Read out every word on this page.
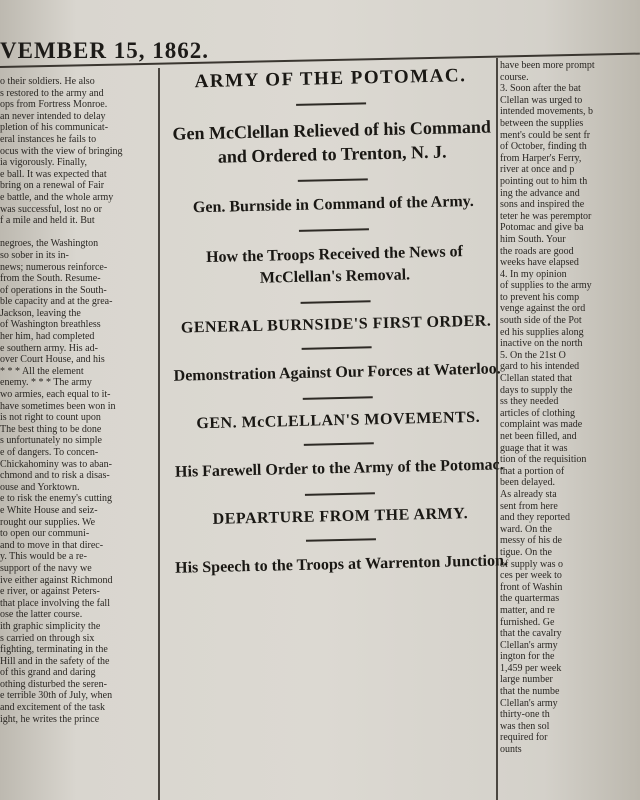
VEMBER 15, 1862.

o their soldiers. He also

s restored to the army and

ops from Fortress Monroe.

an never intended to delay

pletion of his communicat-

eral instances he fails to

ocus with the view of bringing

ia vigorously. Finally,

e ball. It was expected that

bring on a renewal of Fair

e battle, and the whole army

was successful, lost no or

f a mile and held it. But

negroes, the Washington

so sober in its in-

news; numerous reinforce-

from the South. Resume-

of operations in the South-

ble capacity and at the grea-

Jackson, leaving the

of Washington breathless

her him, had completed

e southern army. His ad-

over Court House, and his

* * * All the element

enemy. * * * The army

wo armies, each equal to it-

have sometimes been won in

is not right to count upon

The best thing to be done

s unfortunately no simple

e of dangers. To concen-

Chickahominy was to aban-

chmond and to risk a disas-

ouse and Yorktown.

e to risk the enemy's cutting

e White House and seiz-

rought our supplies. We

to open our communi-

and to move in that direc-

y. This would be a re-

support of the navy we

ive either against Richmond

e river, or against Peters-

that place involving the fall

ose the latter course.

ith graphic simplicity the

s carried on through six

fighting, terminating in the

Hill and in the safety of the

of this grand and daring

othing disturbed the seren-

e terrible 30th of July, when

and excitement of the task

ight, he writes the prince

ARMY OF THE POTOMAC.

Gen McClellan Relieved of his Command and Ordered to Trenton, N. J.

Gen. Burnside in Command of the Army.

How the Troops Received the News of McClellan's Removal.

GENERAL BURNSIDE'S FIRST ORDER.

Demonstration Against Our Forces at Waterloo.

GEN. McCLELLAN'S MOVEMENTS.

His Farewell Order to the Army of the Potomac.

DEPARTURE FROM THE ARMY.

His Speech to the Troops at Warrenton Junction.

have been more prompt

course.

3. Soon after the bat

Clellan was urged to

intended movements, b

between the supplies

ment's could be sent fr

of October, finding th

from Harper's Ferry,

river at once and p

pointing out to him th

ing the advance and

sons and inspired the

teter he was peremptor

Potomac and give ba

him South. Your

the roads are good

weeks have elapsed

4. In my opinion

of supplies to the army

to prevent his comp

venge against the ord

south side of the Pot

ed his supplies along

inactive on the north

5. On the 21st O

gard to his intended

Clellan stated that

days to supply the

ss they needed

articles of clothing

complaint was made

net been filled, and

guage that it was

tion of the requisition

that a portion of

been delayed.

As already sta

sent from here

and they reported

ward. On the

messy of his de

tigue. On the

of supply was o

ces per week to

front of Washin

the quartermas

matter, and re

furnished. Ge

that the cavalry

Clellan's army

ington for the

1,459 per week

large number

that the numbe

Clellan's army

thirty-one th

was then sol

required for

ounts
